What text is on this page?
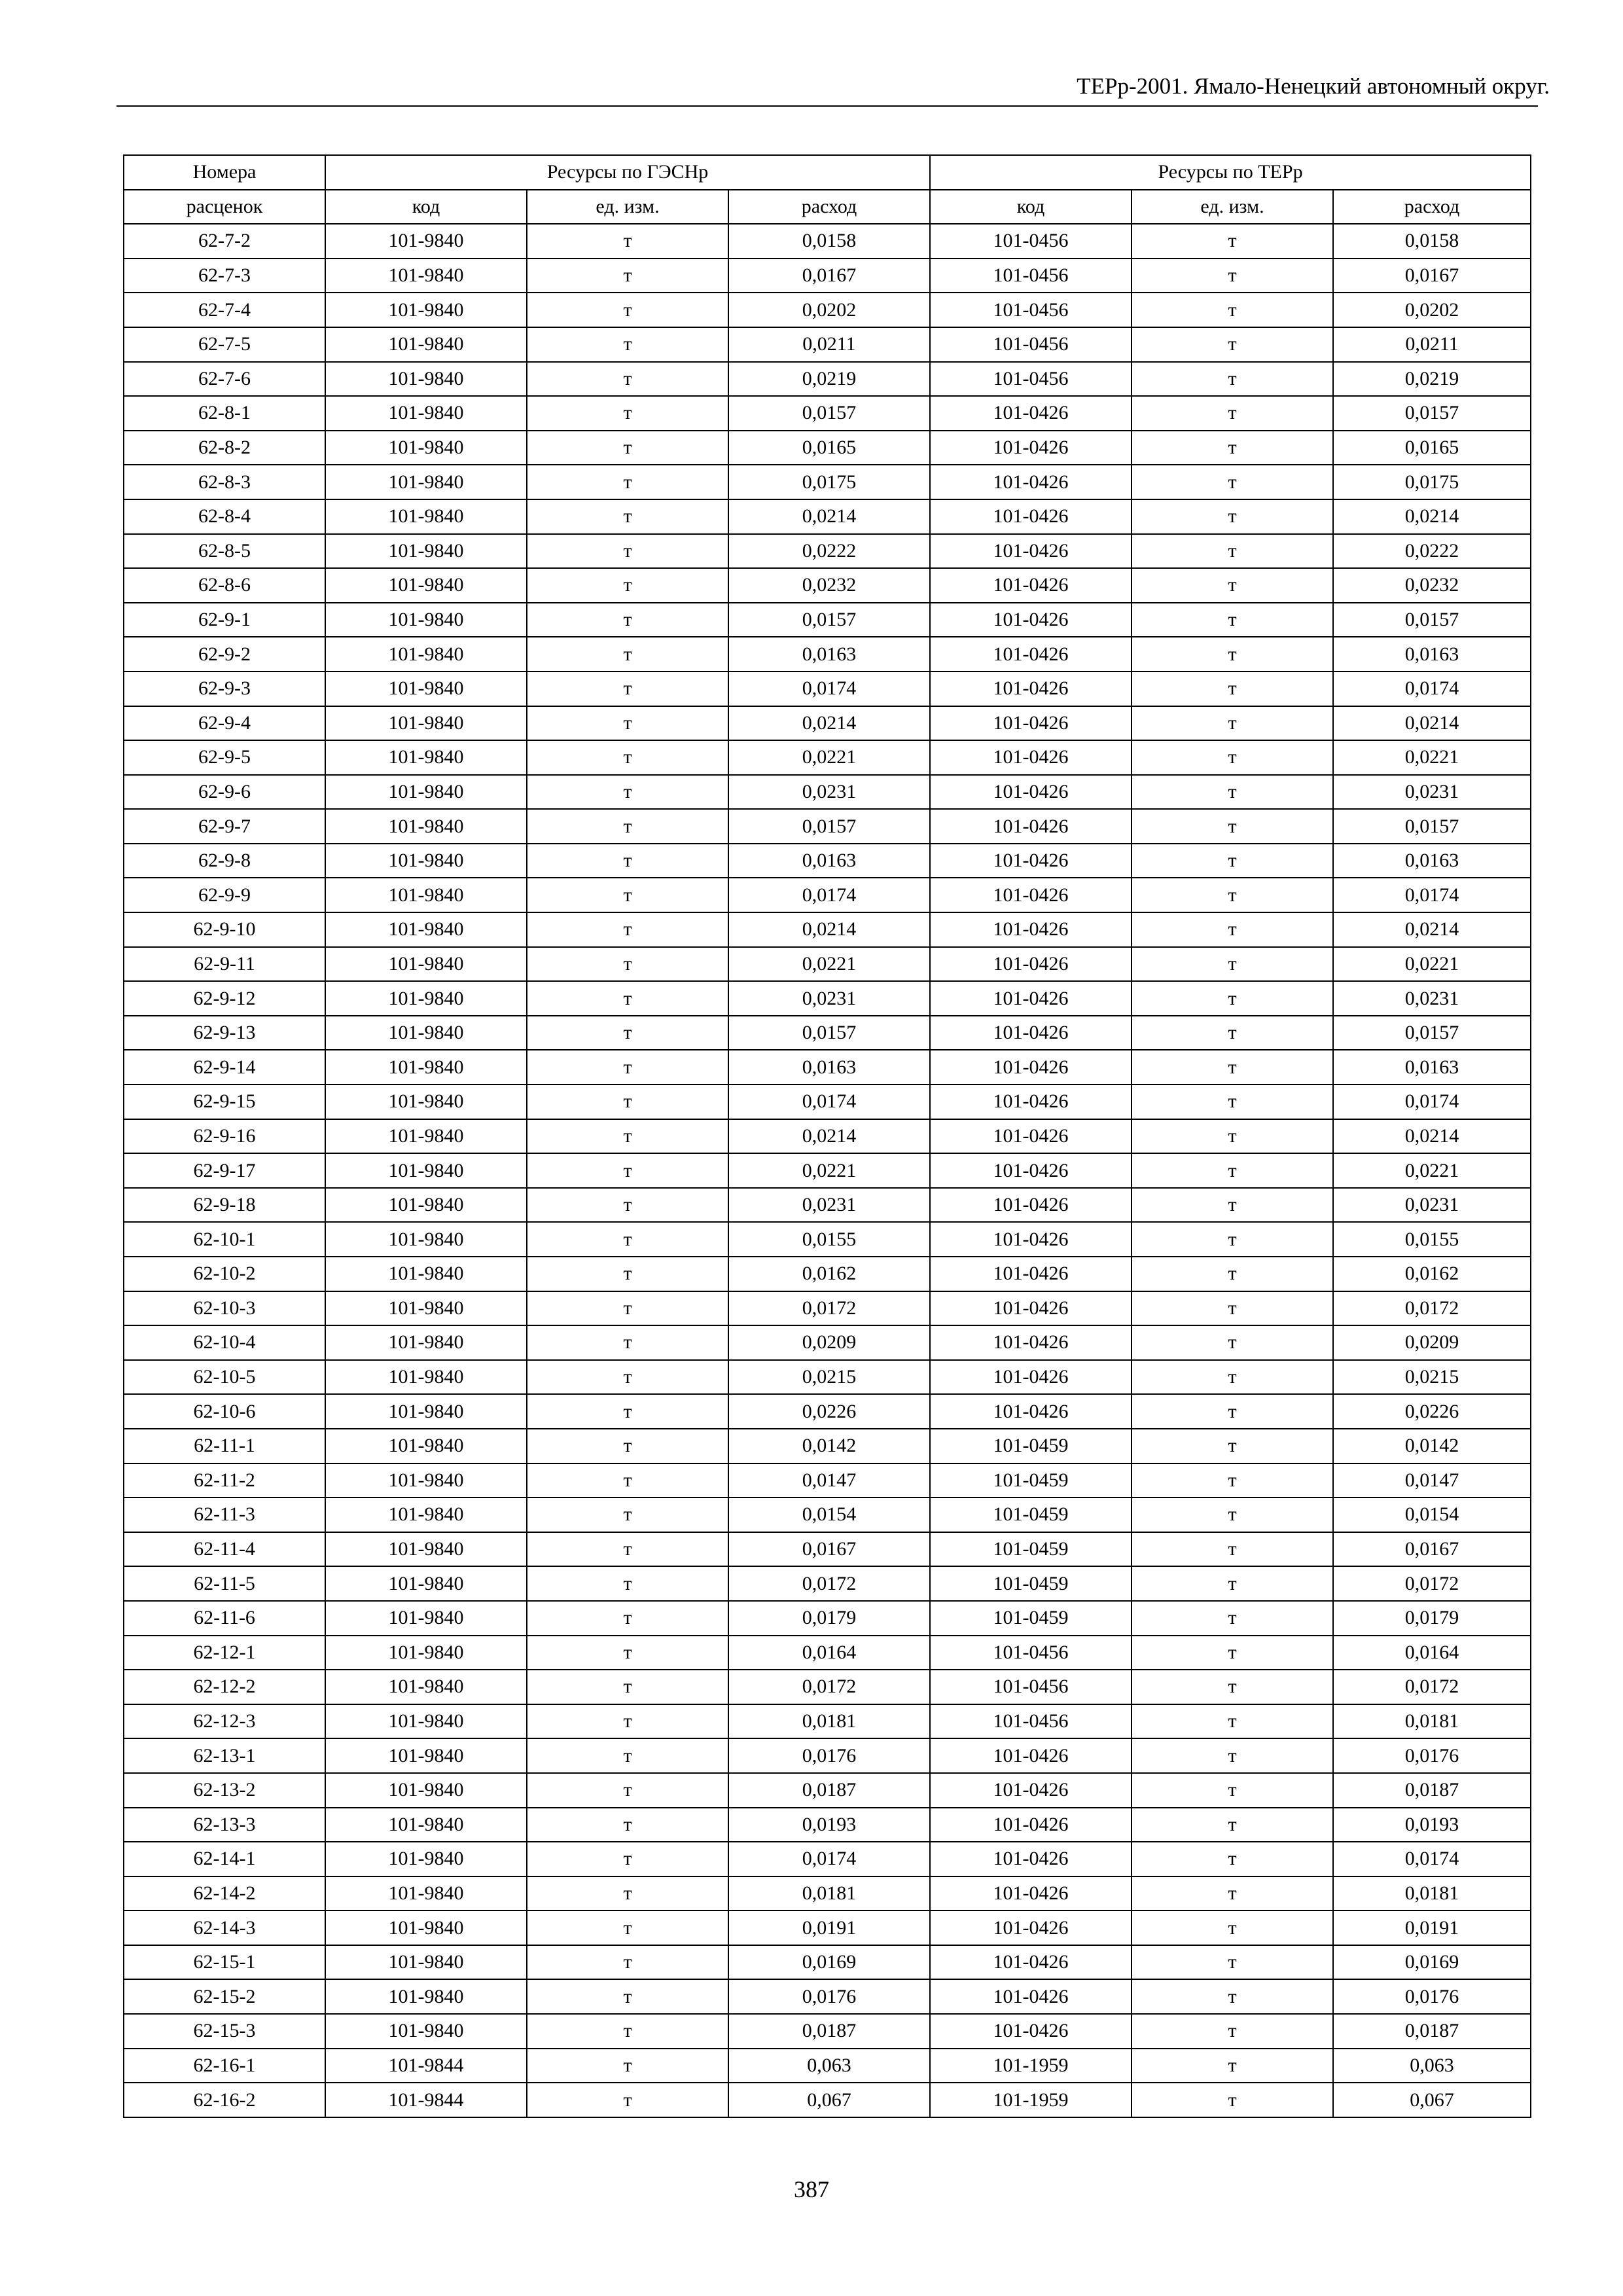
ТЕРр-2001. Ямало-Ненецкий автономный округ.
Номера	Ресурсы по ГЭСНр			Ресурсы по ТЕРр		
расценок	код	ед. изм.	расход	код	ед. изм.	расход
62-7-2	101-9840	т	0,0158	101-0456	т	0,0158
62-7-3	101-9840	т	0,0167	101-0456	т	0,0167
62-7-4	101-9840	т	0,0202	101-0456	т	0,0202
62-7-5	101-9840	т	0,0211	101-0456	т	0,0211
62-7-6	101-9840	т	0,0219	101-0456	т	0,0219
62-8-1	101-9840	т	0,0157	101-0426	т	0,0157
62-8-2	101-9840	т	0,0165	101-0426	т	0,0165
62-8-3	101-9840	т	0,0175	101-0426	т	0,0175
62-8-4	101-9840	т	0,0214	101-0426	т	0,0214
62-8-5	101-9840	т	0,0222	101-0426	т	0,0222
62-8-6	101-9840	т	0,0232	101-0426	т	0,0232
62-9-1	101-9840	т	0,0157	101-0426	т	0,0157
62-9-2	101-9840	т	0,0163	101-0426	т	0,0163
62-9-3	101-9840	т	0,0174	101-0426	т	0,0174
62-9-4	101-9840	т	0,0214	101-0426	т	0,0214
62-9-5	101-9840	т	0,0221	101-0426	т	0,0221
62-9-6	101-9840	т	0,0231	101-0426	т	0,0231
62-9-7	101-9840	т	0,0157	101-0426	т	0,0157
62-9-8	101-9840	т	0,0163	101-0426	т	0,0163
62-9-9	101-9840	т	0,0174	101-0426	т	0,0174
62-9-10	101-9840	т	0,0214	101-0426	т	0,0214
62-9-11	101-9840	т	0,0221	101-0426	т	0,0221
62-9-12	101-9840	т	0,0231	101-0426	т	0,0231
62-9-13	101-9840	т	0,0157	101-0426	т	0,0157
62-9-14	101-9840	т	0,0163	101-0426	т	0,0163
62-9-15	101-9840	т	0,0174	101-0426	т	0,0174
62-9-16	101-9840	т	0,0214	101-0426	т	0,0214
62-9-17	101-9840	т	0,0221	101-0426	т	0,0221
62-9-18	101-9840	т	0,0231	101-0426	т	0,0231
62-10-1	101-9840	т	0,0155	101-0426	т	0,0155
62-10-2	101-9840	т	0,0162	101-0426	т	0,0162
62-10-3	101-9840	т	0,0172	101-0426	т	0,0172
62-10-4	101-9840	т	0,0209	101-0426	т	0,0209
62-10-5	101-9840	т	0,0215	101-0426	т	0,0215
62-10-6	101-9840	т	0,0226	101-0426	т	0,0226
62-11-1	101-9840	т	0,0142	101-0459	т	0,0142
62-11-2	101-9840	т	0,0147	101-0459	т	0,0147
62-11-3	101-9840	т	0,0154	101-0459	т	0,0154
62-11-4	101-9840	т	0,0167	101-0459	т	0,0167
62-11-5	101-9840	т	0,0172	101-0459	т	0,0172
62-11-6	101-9840	т	0,0179	101-0459	т	0,0179
62-12-1	101-9840	т	0,0164	101-0456	т	0,0164
62-12-2	101-9840	т	0,0172	101-0456	т	0,0172
62-12-3	101-9840	т	0,0181	101-0456	т	0,0181
62-13-1	101-9840	т	0,0176	101-0426	т	0,0176
62-13-2	101-9840	т	0,0187	101-0426	т	0,0187
62-13-3	101-9840	т	0,0193	101-0426	т	0,0193
62-14-1	101-9840	т	0,0174	101-0426	т	0,0174
62-14-2	101-9840	т	0,0181	101-0426	т	0,0181
62-14-3	101-9840	т	0,0191	101-0426	т	0,0191
62-15-1	101-9840	т	0,0169	101-0426	т	0,0169
62-15-2	101-9840	т	0,0176	101-0426	т	0,0176
62-15-3	101-9840	т	0,0187	101-0426	т	0,0187
62-16-1	101-9844	т	0,063	101-1959	т	0,063
62-16-2	101-9844	т	0,067	101-1959	т	0,067
387
